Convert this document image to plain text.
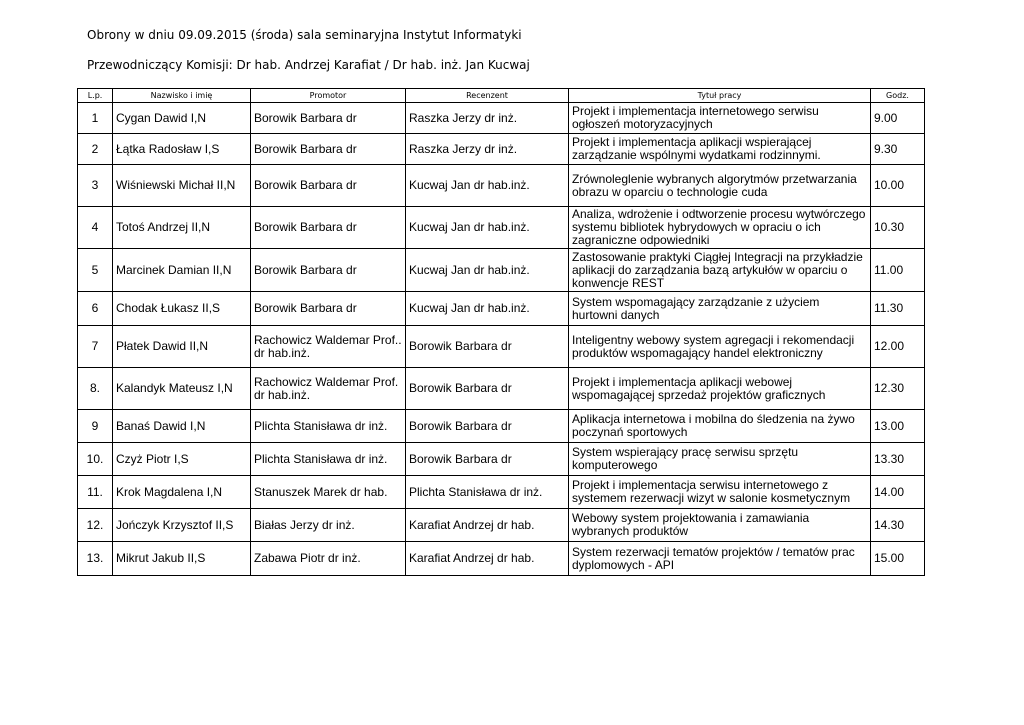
Obrony w dniu 09.09.2015 (środa) sala seminaryjna Instytut Informatyki
Przewodniczący Komisji: Dr hab. Andrzej Karafiat / Dr hab. inż. Jan Kucwaj
L.p.	Nazwisko i imię	Promotor	Recenzent	Tytuł pracy	Godz.
1	Cygan Dawid I,N	Borowik Barbara dr	Raszka Jerzy dr inż.	Projekt i implementacja internetowego serwisu ogłoszeń motoryzacyjnych	9.00
2	Łątka Radosław I,S	Borowik Barbara dr	Raszka Jerzy dr inż.	Projekt i implementacja aplikacji wspierającej zarządzanie wspólnymi wydatkami rodzinnymi.	9.30
3	Wiśniewski Michał II,N	Borowik Barbara dr	Kucwaj Jan dr hab.inż.	Zrównoleglenie wybranych algorytmów przetwarzania obrazu w oparciu o technologie cuda	10.00
4	Totoś Andrzej II,N	Borowik Barbara dr	Kucwaj Jan dr hab.inż.	Analiza, wdrożenie i odtworzenie procesu wytwórczego systemu bibliotek hybrydowych w opraciu o ich zagraniczne odpowiedniki	10.30
5	Marcinek Damian II,N	Borowik Barbara dr	Kucwaj Jan dr hab.inż.	Zastosowanie praktyki Ciągłej Integracji na przykładzie aplikacji do zarządzania bazą artykułów w oparciu o konwencje REST	11.00
6	Chodak Łukasz II,S	Borowik Barbara dr	Kucwaj Jan dr hab.inż.	System wspomagający zarządzanie z użyciem hurtowni danych	11.30
7	Płatek Dawid II,N	Rachowicz Waldemar Prof.. dr hab.inż.	Borowik Barbara dr	Inteligentny webowy system agregacji i rekomendacji produktów wspomagający handel elektroniczny	12.00
8.	Kalandyk Mateusz I,N	Rachowicz Waldemar Prof. dr hab.inż.	Borowik Barbara dr	Projekt i implementacja aplikacji webowej wspomagającej sprzedaż projektów graficznych	12.30
9	Banaś Dawid I,N	Plichta Stanisława dr inż.	Borowik Barbara dr	Aplikacja internetowa i mobilna do śledzenia na żywo poczynań sportowych	13.00
10.	Czyż Piotr I,S	Plichta Stanisława dr inż.	Borowik Barbara dr	System wspierający pracę serwisu sprzętu komputerowego	13.30
11.	Krok Magdalena I,N	Stanuszek Marek dr hab.	Plichta Stanisława dr inż.	Projekt i implementacja serwisu internetowego z systemem rezerwacji wizyt w salonie kosmetycznym	14.00
12.	Jończyk Krzysztof II,S	Białas Jerzy dr inż.	Karafiat Andrzej dr hab.	Webowy system projektowania i zamawiania wybranych produktów	14.30
13.	Mikrut Jakub II,S	Zabawa Piotr dr inż.	Karafiat Andrzej dr hab.	System rezerwacji tematów projektów / tematów prac dyplomowych - API	15.00
